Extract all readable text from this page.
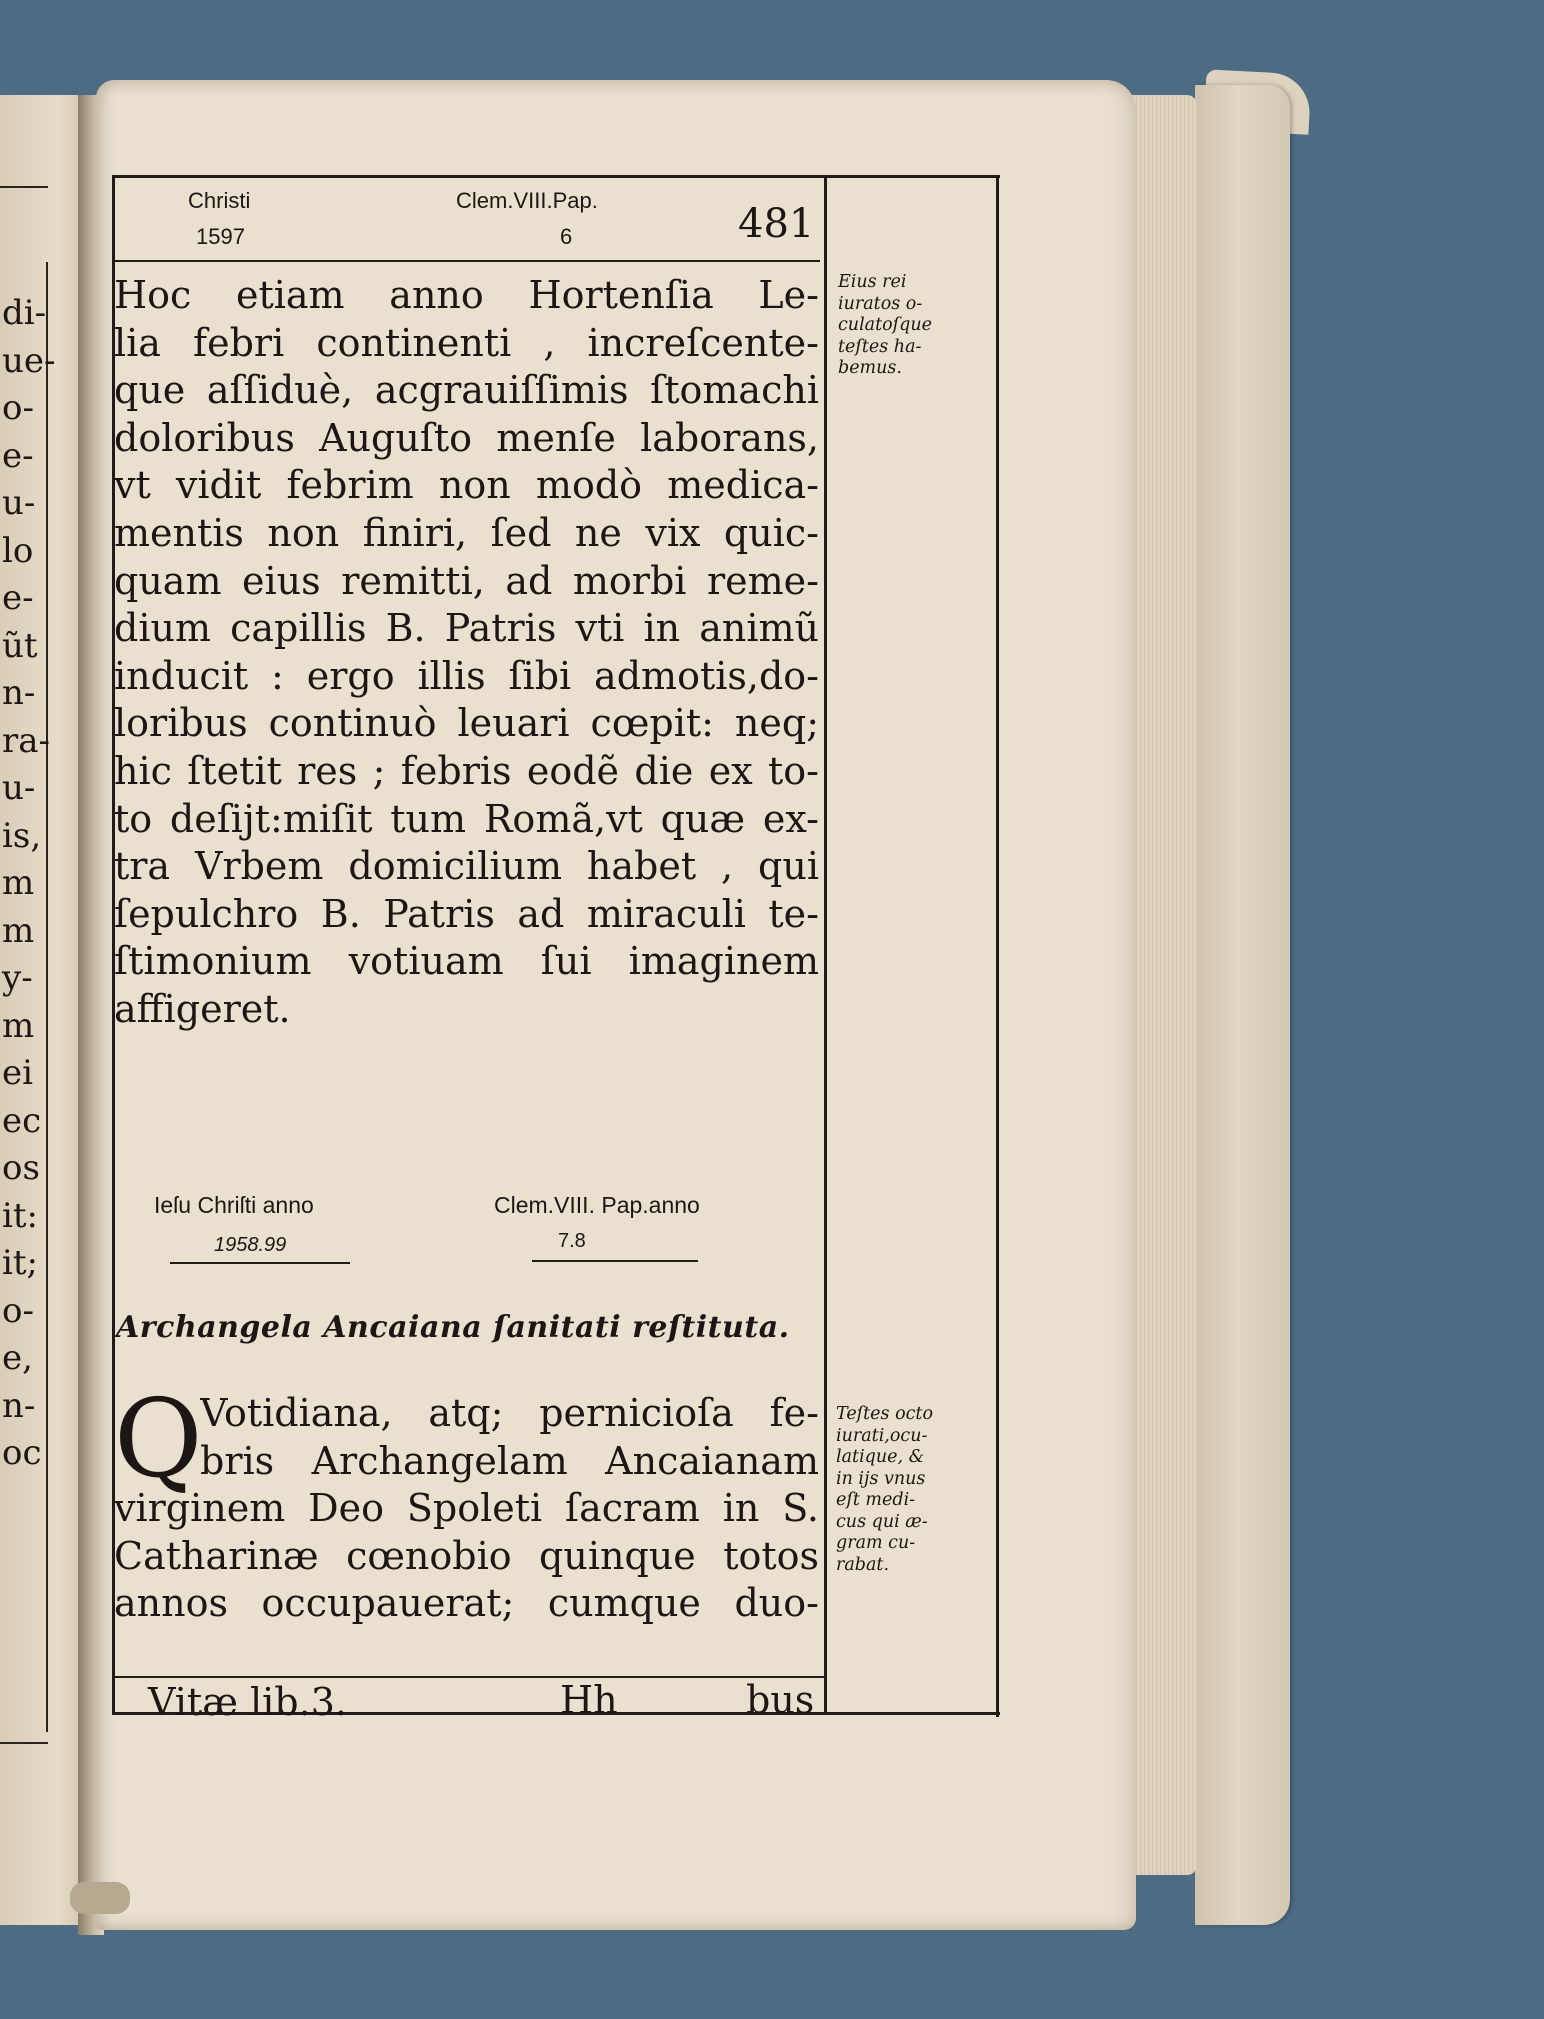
di-
ue-
o-
e-
u-
lo
e-
ũt
n-
ra-
u-
is,
m
m
y-
m
ei
ec
os
it:
it;
o-
e,
n-
oc
Christi
1597
Clem.VIII.Pap.
6	481
Hoc etiam anno Hortenſia Le-
lia febri continenti , increſcente-
que aſſiduè, acgrauiſſimis ſtomachi
doloribus Auguſto menſe laborans,
vt vidit febrim non modò medica-
mentis non finiri, ſed ne vix quic-
quam eius remitti, ad morbi reme-
dium capillis B. Patris vti in animũ
inducit : ergo illis ſibi admotis,do-
loribus continuò leuari cœpit: neq;
hic ſtetit res ; febris eodẽ die ex to-
to deſijt:miſit tum Romã,vt quæ ex-
tra Vrbem domicilium habet , qui
ſepulchro B. Patris ad miraculi te-
ſtimonium votiuam ſui imaginem
affigeret.
Eius rei
iuratos o-
culatoſque
teſtes ha-
bemus.
Ieſu Chriſti anno
1958.99
Clem.VIII. Pap.anno
7.8
Archangela Ancaiana ſanitati reſtituta.
Q
Votidiana, atq; pernicioſa fe-
bris Archangelam Ancaianam
virginem Deo Spoleti ſacram in S.
Catharinæ cœnobio quinque totos
annos occupauerat; cumque duo-
Teſtes octo
iurati,ocu-
latique, &
in ijs vnus
eſt medi-
cus qui æ-
gram cu-
rabat.
Vitæ lib.3.	Hh	bus
